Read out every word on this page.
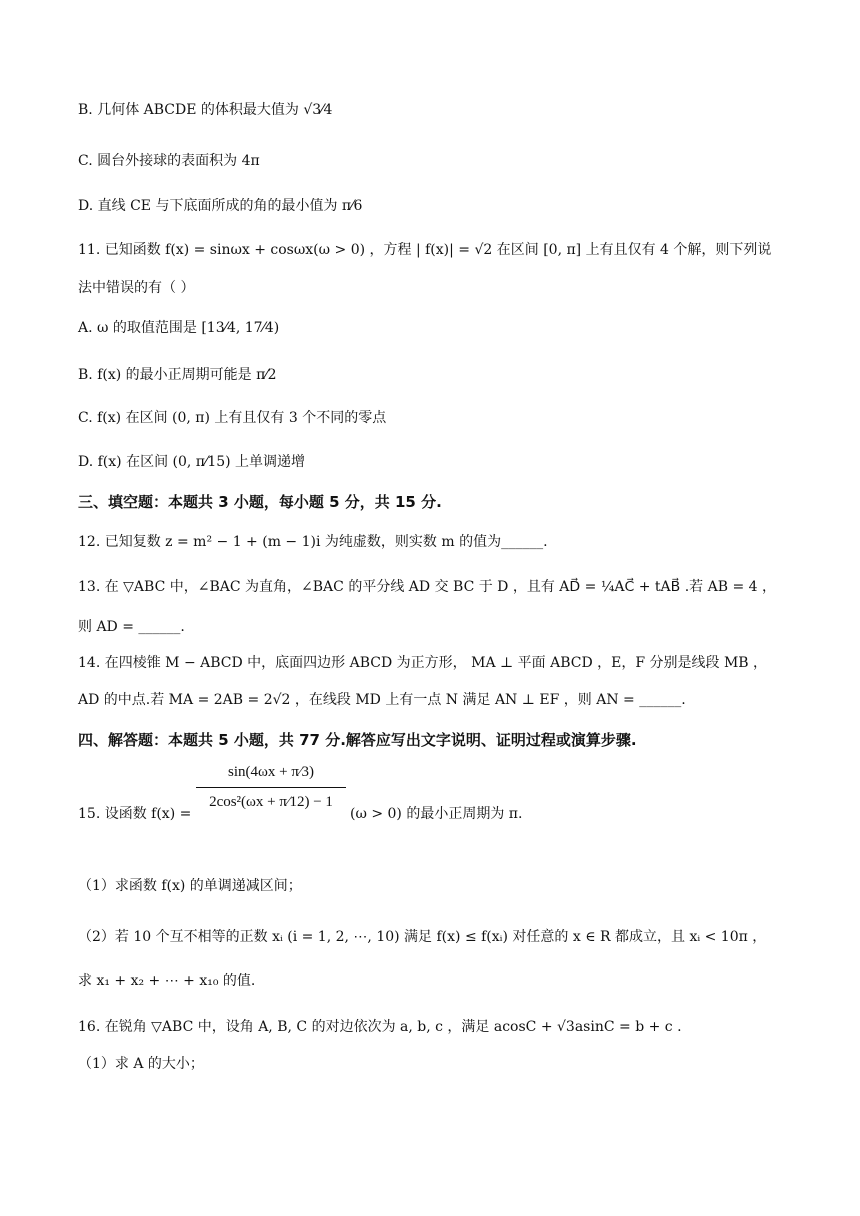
B. 几何体 ABCDE 的体积最大值为 √3⁄4
C. 圆台外接球的表面积为 4π
D. 直线 CE 与下底面所成的角的最小值为 π⁄6
11. 已知函数 f(x) = sinωx + cosωx(ω > 0) ，方程 | f(x)| = √2 在区间 [0, π] 上有且仅有 4 个解，则下列说
法中错误的有（ ）
A. ω 的取值范围是 [13⁄4, 17⁄4)
B. f(x) 的最小正周期可能是 π⁄2
C. f(x) 在区间 (0, π) 上有且仅有 3 个不同的零点
D. f(x) 在区间 (0, π⁄15) 上单调递增
三、填空题：本题共 3 小题，每小题 5 分，共 15 分.
12. 已知复数 z = m² − 1 + (m − 1)i 为纯虚数，则实数 m 的值为______.
13. 在 ▽ABC 中，∠BAC 为直角，∠BAC 的平分线 AD 交 BC 于 D ，且有 AD⃗ = ¼AC⃗ + tAB⃗ .若 AB = 4 ，
则 AD = ______.
14. 在四棱锥 M − ABCD 中，底面四边形 ABCD 为正方形， MA ⊥ 平面 ABCD ，E，F 分别是线段 MB ，
AD 的中点.若 MA = 2AB = 2√2 ，在线段 MD 上有一点 N 满足 AN ⊥ EF ，则 AN = ______.
四、解答题：本题共 5 小题，共 77 分.解答应写出文字说明、证明过程或演算步骤.
15. 设函数 f(x) =
$\frac{\sin(4\omega x + \pi⁄3)}{\text{2cos²(ωx + π⁄12) − 1}}$
(ω > 0) 的最小正周期为 π.
（1）求函数 f(x) 的单调递减区间；
（2）若 10 个互不相等的正数 xᵢ (i = 1, 2, ⋯, 10) 满足 f(x) ≤ f(xᵢ) 对任意的 x ∈ R 都成立，且 xᵢ < 10π ，
求 x₁ + x₂ + ⋯ + x₁₀ 的值.
16. 在锐角 ▽ABC 中，设角 A, B, C 的对边依次为 a, b, c ，满足 acosC + √3asinC = b + c .
（1）求 A 的大小；
